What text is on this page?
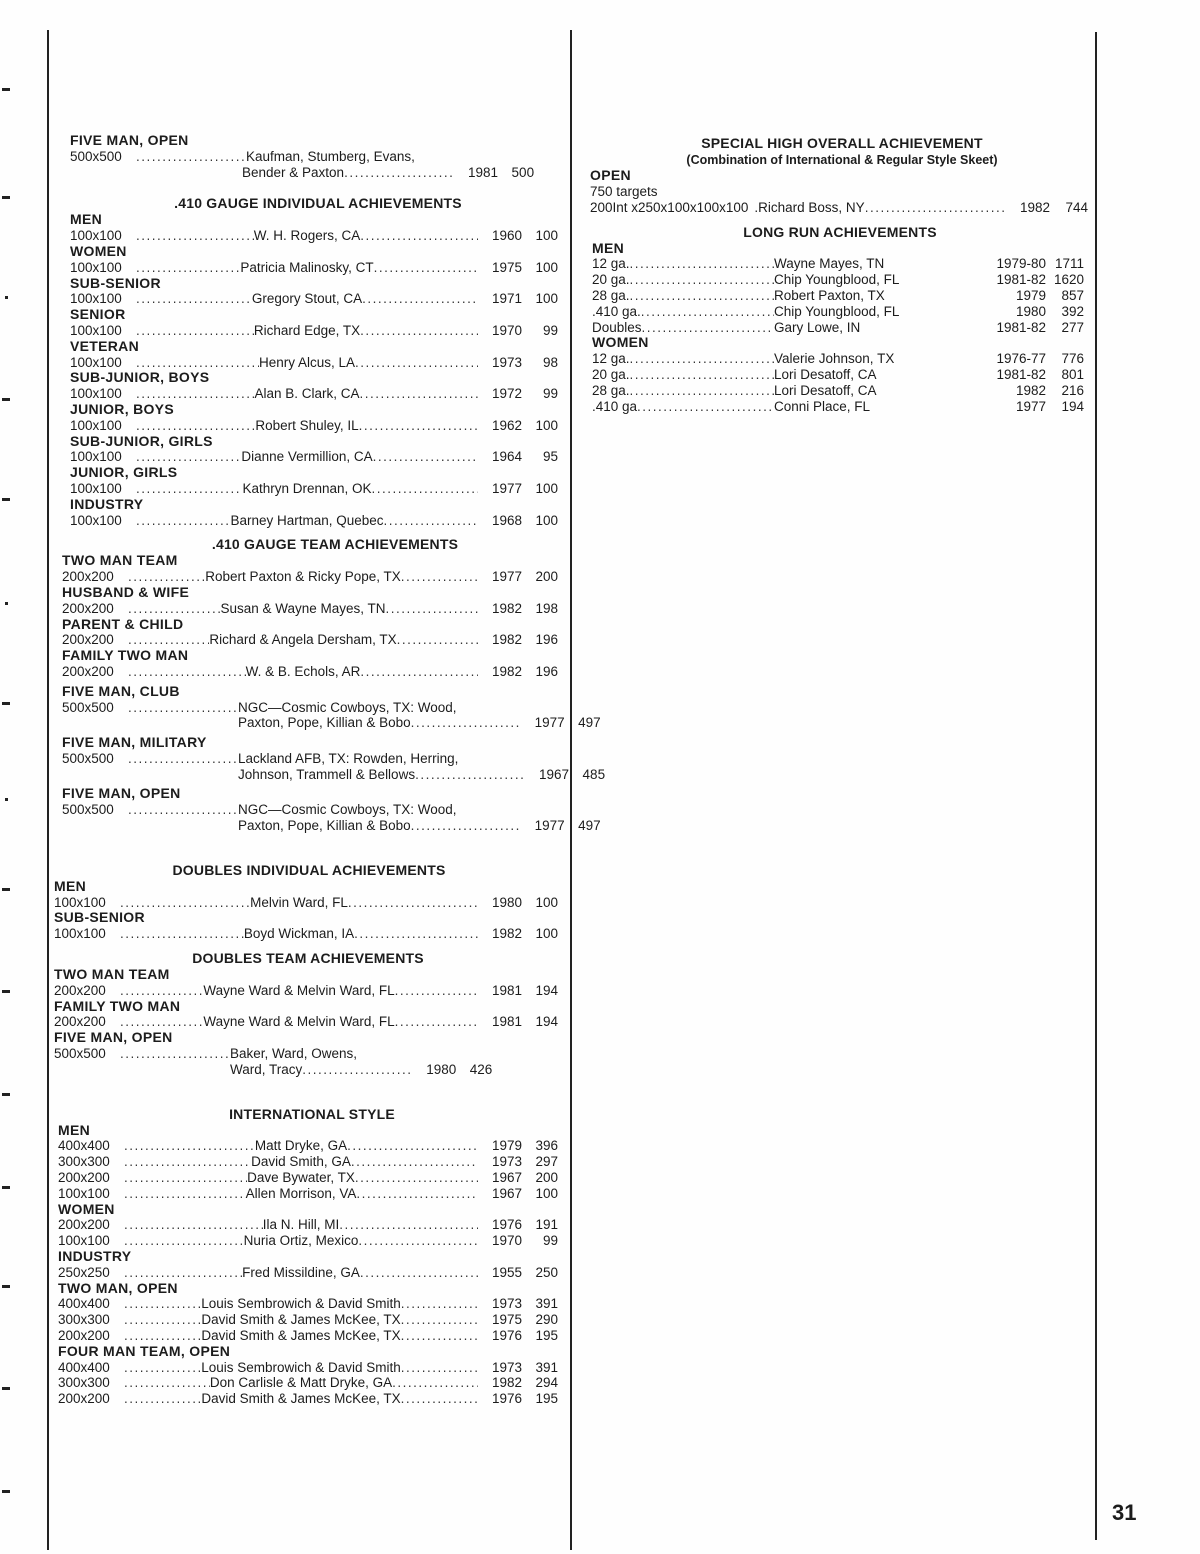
FIVE MAN, OPEN
500x500 .....	Kaufman, Stumberg, Evans,
Bender & Paxton .....	1981 500
.410 GAUGE INDIVIDUAL ACHIEVEMENTS
MEN
100x100 .....	W. H. Rogers, CA .....	1960 100
WOMEN
100x100 .....	Patricia Malinosky, CT .....	1975 100
SUB-SENIOR
100x100 .....	Gregory Stout, CA .....	1971 100
SENIOR
100x100 .....	Richard Edge, TX .....	1970	99
VETERAN
100x100 .....	Henry Alcus, LA .....	1973	98
SUB-JUNIOR, BOYS
100x100 .....	Alan B. Clark, CA .....	1972	99
JUNIOR, BOYS
100x100 .....	Robert Shuley, IL .....	1962 100
SUB-JUNIOR, GIRLS
100x100 .....	Dianne Vermillion, CA .....	1964	95
JUNIOR, GIRLS
100x100 .....	Kathryn Drennan, OK .....	1977 100
INDUSTRY
100x100 .....	Barney Hartman, Quebec .....	1968 100
.410 GAUGE TEAM ACHIEVEMENTS
TWO MAN TEAM
200x200 .....	Robert Paxton & Ricky Pope, TX .....	1977 200
HUSBAND & WIFE
200x200 .....	Susan & Wayne Mayes, TN .....	1982 198
PARENT & CHILD
200x200 .....	Richard & Angela Dersham, TX .....	1982 196
FAMILY TWO MAN
200x200 .....	W. & B. Echols, AR .....	1982 196
FIVE MAN, CLUB
500x500 .....	NGC—Cosmic Cowboys, TX: Wood,
Paxton, Pope, Killian & Bobo .....	1977 497
FIVE MAN, MILITARY
500x500 .....	Lackland AFB, TX: Rowden, Herring,
Johnson, Trammell & Bellows .....	1967 485
FIVE MAN, OPEN
500x500 .....	NGC—Cosmic Cowboys, TX: Wood,
Paxton, Pope, Killian & Bobo .....	1977 497
DOUBLES INDIVIDUAL ACHIEVEMENTS
MEN
100x100 .....	Melvin Ward, FL .....	1980 100
SUB-SENIOR
100x100 .....	Boyd Wickman, IA .....	1982 100
DOUBLES TEAM ACHIEVEMENTS
TWO MAN TEAM
200x200 .....	Wayne Ward & Melvin Ward, FL .....	1981 194
FAMILY TWO MAN
200x200 .....	Wayne Ward & Melvin Ward, FL .....	1981 194
FIVE MAN, OPEN
500x500 .....	Baker, Ward, Owens,
Ward, Tracy .....	1980 426
INTERNATIONAL STYLE
MEN
400x400 .....	Matt Dryke, GA .....	1979 396
300x300 .....	David Smith, GA .....	1973 297
200x200 .....	Dave Bywater, TX .....	1967 200
100x100 .....	Allen Morrison, VA .....	1967 100
WOMEN
200x200 .....	Ila N. Hill, MI .....	1976 191
100x100 .....	Nuria Ortiz, Mexico .....	1970	99
INDUSTRY
250x250 .....	Fred Missildine, GA .....	1955 250
TWO MAN, OPEN
400x400 .....	Louis Sembrowich & David Smith .....	1973 391
300x300 .....	David Smith & James McKee, TX .....	1975 290
200x200 .....	David Smith & James McKee, TX .....	1976 195
FOUR MAN TEAM, OPEN
400x400 .....	Louis Sembrowich & David Smith .....	1973 391
300x300 .....	Don Carlisle & Matt Dryke, GA .....	1982 294
200x200 .....	David Smith & James McKee, TX .....	1976 195
SPECIAL HIGH OVERALL ACHIEVEMENT
(Combination of International & Regular Style Skeet)
OPEN
750 targets
200Int x250x100x100x100 .Richard Boss, NY .....	1982	744
LONG RUN ACHIEVEMENTS
MEN
12 ga. .....	Wayne Mayes, TN	1979-80 1711
20 ga. .....	Chip Youngblood, FL	1981-82 1620
28 ga. .....	Robert Paxton, TX	1979	857
.410 ga. .....	Chip Youngblood, FL	1980	392
Doubles .....	Gary Lowe, IN	1981-82	277
WOMEN
12 ga. .....	Valerie Johnson, TX	1976-77	776
20 ga. .....	Lori Desatoff, CA	1981-82	801
28 ga. .....	Lori Desatoff, CA	1982	216
.410 ga .....	Conni Place, FL	1977	194
31
